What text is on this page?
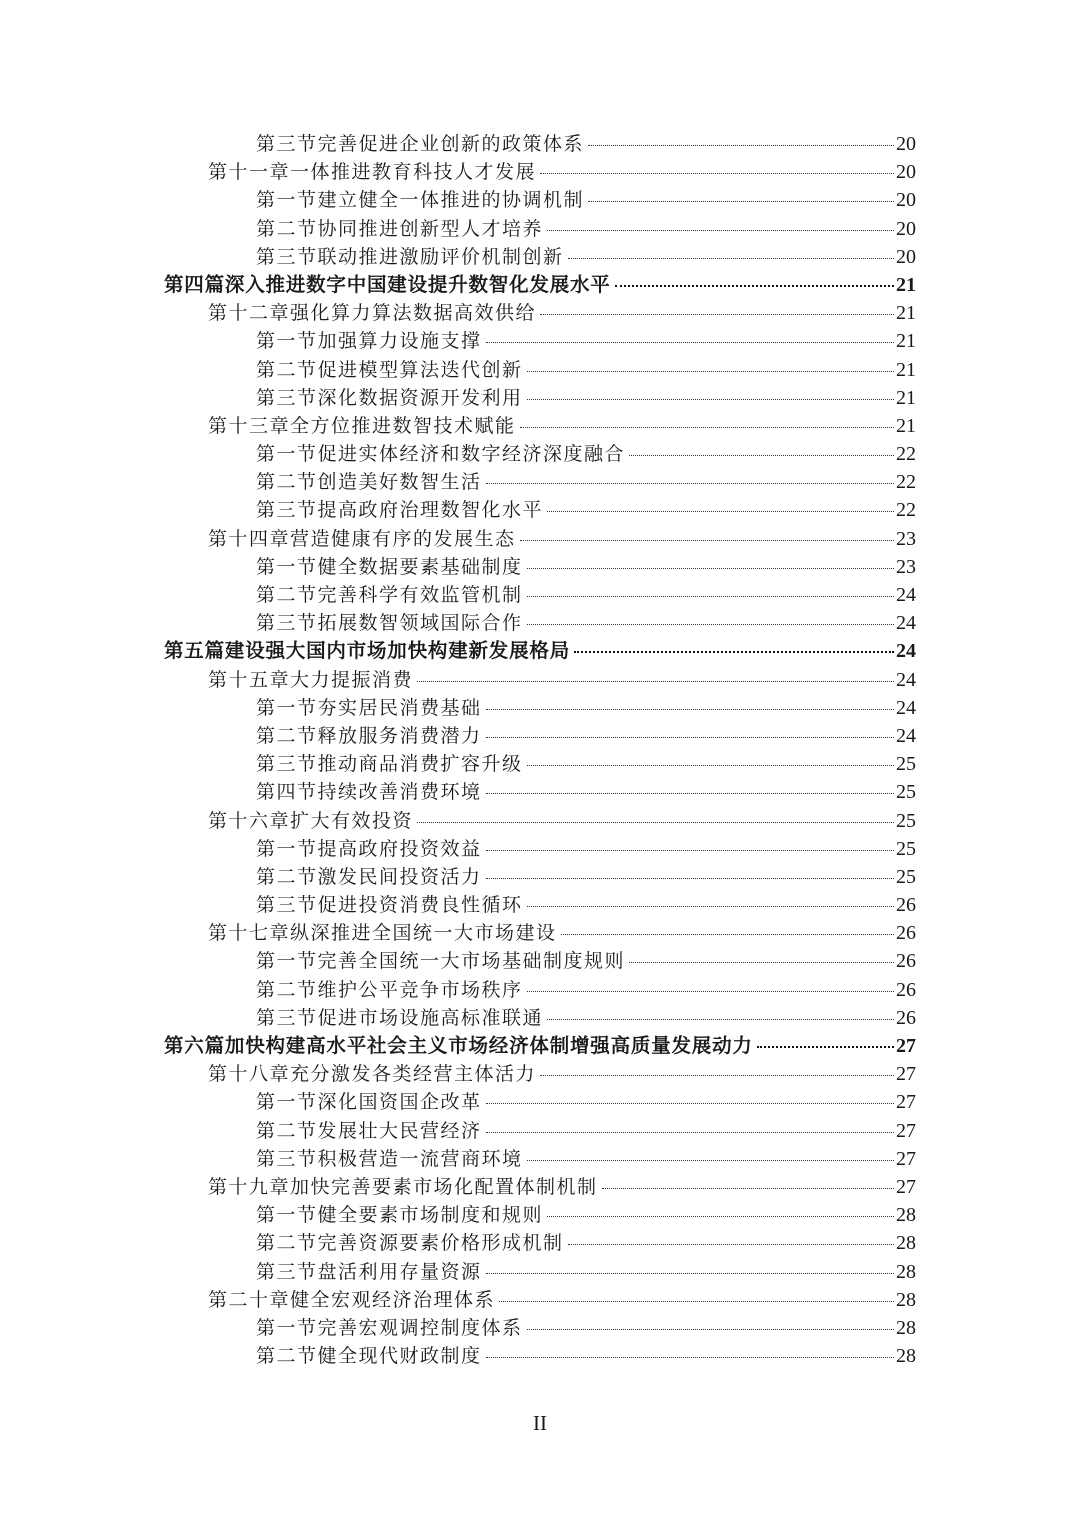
第三节完善促进企业创新的政策体系	20
第十一章一体推进教育科技人才发展	20
第一节建立健全一体推进的协调机制	20
第二节协同推进创新型人才培养	20
第三节联动推进激励评价机制创新	20
第四篇深入推进数字中国建设提升数智化发展水平	21
第十二章强化算力算法数据高效供给	21
第一节加强算力设施支撑	21
第二节促进模型算法迭代创新	21
第三节深化数据资源开发利用	21
第十三章全方位推进数智技术赋能	21
第一节促进实体经济和数字经济深度融合	22
第二节创造美好数智生活	22
第三节提高政府治理数智化水平	22
第十四章营造健康有序的发展生态	23
第一节健全数据要素基础制度	23
第二节完善科学有效监管机制	24
第三节拓展数智领域国际合作	24
第五篇建设强大国内市场加快构建新发展格局	24
第十五章大力提振消费	24
第一节夯实居民消费基础	24
第二节释放服务消费潜力	24
第三节推动商品消费扩容升级	25
第四节持续改善消费环境	25
第十六章扩大有效投资	25
第一节提高政府投资效益	25
第二节激发民间投资活力	25
第三节促进投资消费良性循环	26
第十七章纵深推进全国统一大市场建设	26
第一节完善全国统一大市场基础制度规则	26
第二节维护公平竞争市场秩序	26
第三节促进市场设施高标准联通	26
第六篇加快构建高水平社会主义市场经济体制增强高质量发展动力	27
第十八章充分激发各类经营主体活力	27
第一节深化国资国企改革	27
第二节发展壮大民营经济	27
第三节积极营造一流营商环境	27
第十九章加快完善要素市场化配置体制机制	27
第一节健全要素市场制度和规则	28
第二节完善资源要素价格形成机制	28
第三节盘活利用存量资源	28
第二十章健全宏观经济治理体系	28
第一节完善宏观调控制度体系	28
第二节健全现代财政制度	28
II
